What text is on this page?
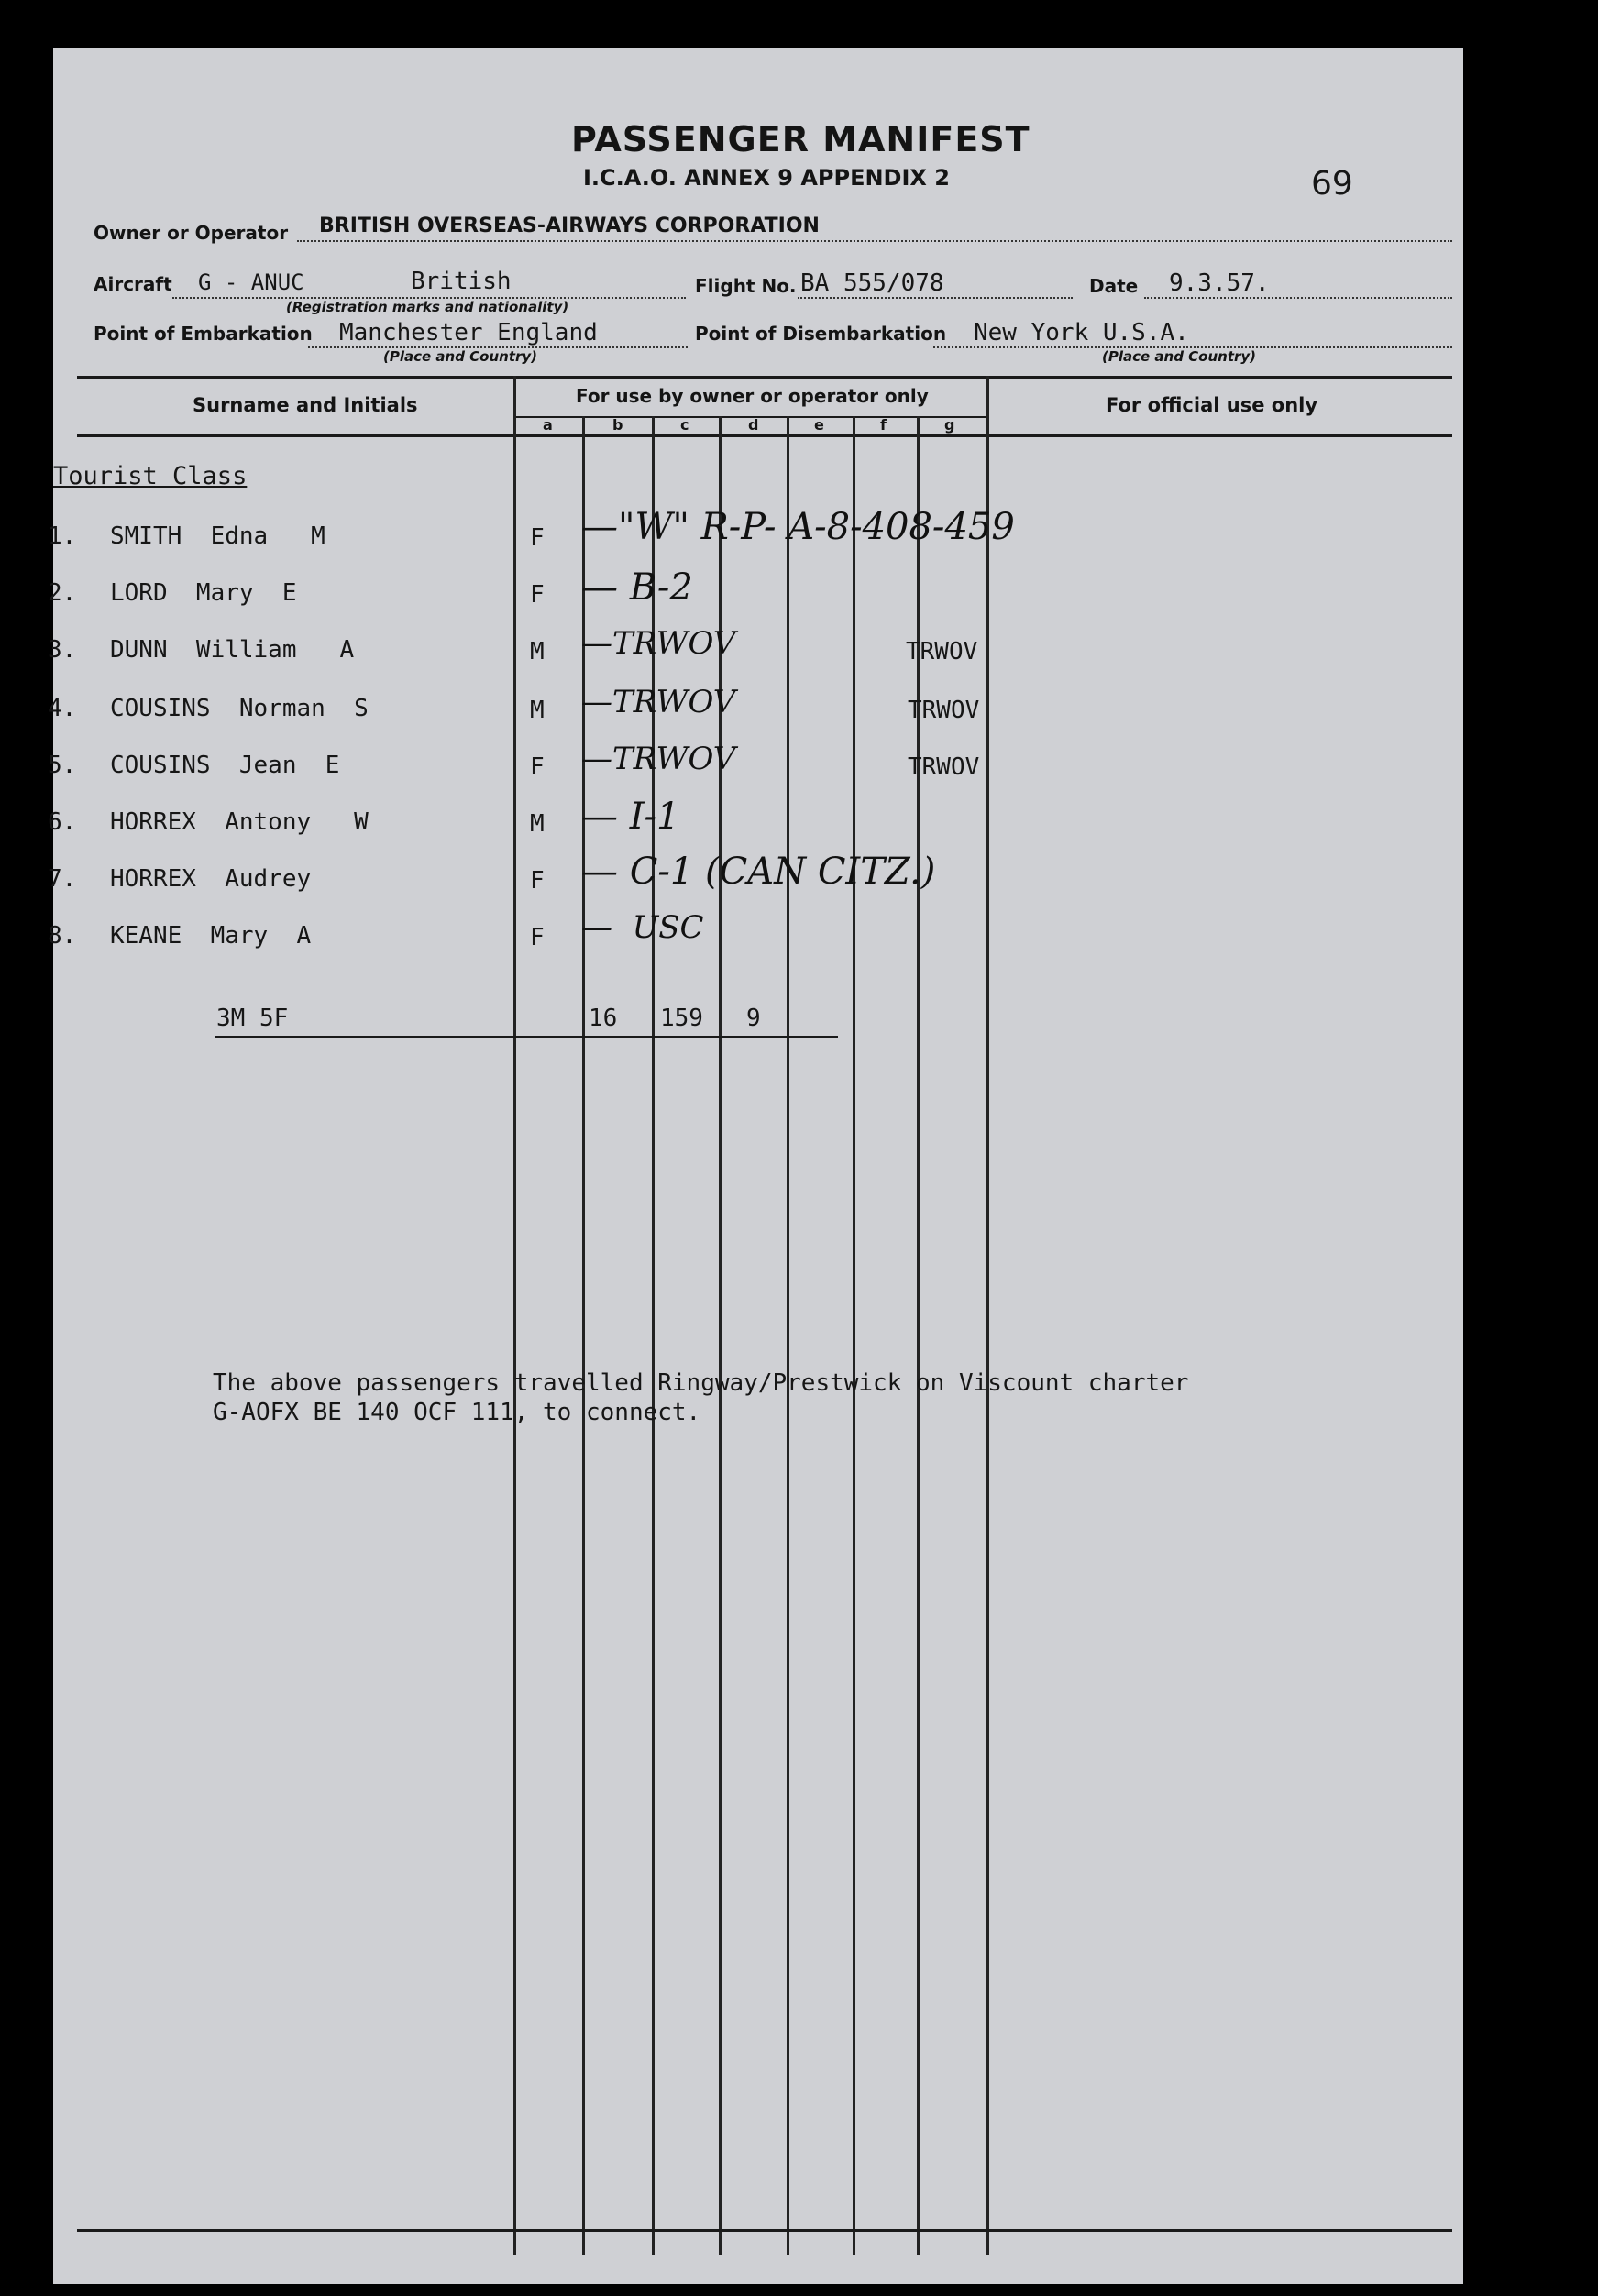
PASSENGER MANIFEST
I.C.A.O. ANNEX 9 APPENDIX 2	69
Owner or Operator BRITISH OVERSEAS-AIRWAYS CORPORATION
Aircraft G - ANUC	British
(Registration marks and nationality)
Flight No. BA 555/078	Date 9.3.57.
Point of Embarkation Manchester England
(Place and Country)
Point of Disembarkation New York U.S.A.
(Place and Country)
Surname and Initials	For use by owner or operator only	For official use only
a	b	c	d	e	f	g
Tourist Class
1. SMITH  Edna   M	F —"W" R-P- A-8-408-459
2. LORD  Mary  E	F — B-2
3. DUNN  William   A	M —TRWOV	TRWOV
4. COUSINS  Norman  S	M —TRWOV	TRWOV
5. COUSINS  Jean  E	F —TRWOV	TRWOV
6. HORREX  Antony   W	M — I-1
7. HORREX  Audrey	F — C-1 (CAN CITZ.)
8. KEANE  Mary  A	F —  USC
3M 5F	16 159 9
The above passengers travelled Ringway/Prestwick on Viscount charter
G-AOFX BE 140 OCF 111, to connect.
